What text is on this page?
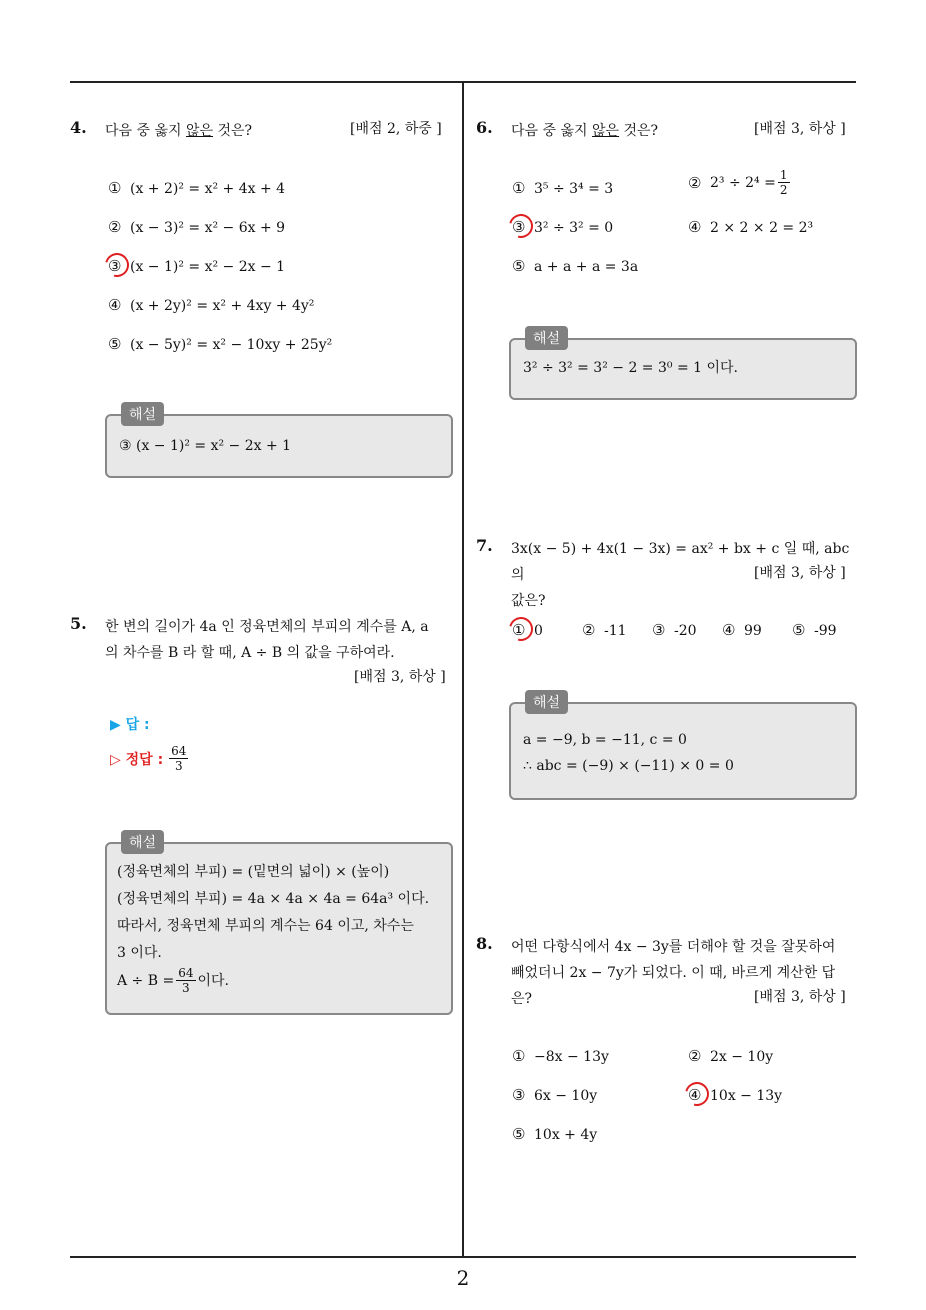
2
4. 다음 중 옳지 않은 것은?	[배점 2, 하중 ]
① (x + 2)² = x² + 4x + 4
② (x − 3)² = x² − 6x + 9
③ (x − 1)² = x² − 2x − 1
④ (x + 2y)² = x² + 4xy + 4y²
⑤ (x − 5y)² = x² − 10xy + 25y²
해설
③ (x − 1)² = x² − 2x + 1
5. 한 변의 길이가 4a 인 정육면체의 부피의 계수를 A, a
의 차수를 B 라 할 때, A ÷ B 의 값을 구하여라.
[배점 3, 하상 ]
▶ 답 :
▷ 정답 : $\frac{64}{3}$
해설
(정육면체의 부피) = (밑면의 넓이) × (높이)
(정육면체의 부피) = 4a × 4a × 4a = 64a³ 이다.
따라서, 정육면체 부피의 계수는 64 이고, 차수는
3 이다.
$A \div B = \frac{64}{3}$ 이다.
6. 다음 중 옳지 않은 것은?	[배점 3, 하상 ]
① 3⁵ ÷ 3⁴ = 3	② $2^3 \div 2^4 = \frac{1}{2}$
③ 3² ÷ 3² = 0	④ 2 × 2 × 2 = 2³
⑤ a + a + a = 3a
해설
3² ÷ 3² = 3² − 2 = 3⁰ = 1 이다.
7. 3x(x − 5) + 4x(1 − 3x) = ax² + bx + c 일 때, abc 의
값은?
[배점 3, 하상 ]
① 0	② -11 ③ -20 ④ 99 ⑤ -99
해설
a = −9, b = −11, c = 0
∴ abc = (−9) × (−11) × 0 = 0
8. 어떤 다항식에서 4x − 3y를 더해야 할 것을 잘못하여
빼었더니 2x − 7y가 되었다. 이 때, 바르게 계산한 답
은?	[배점 3, 하상 ]
① −8x − 13y	② 2x − 10y
③ 6x − 10y	④ 10x − 13y
⑤ 10x + 4y
